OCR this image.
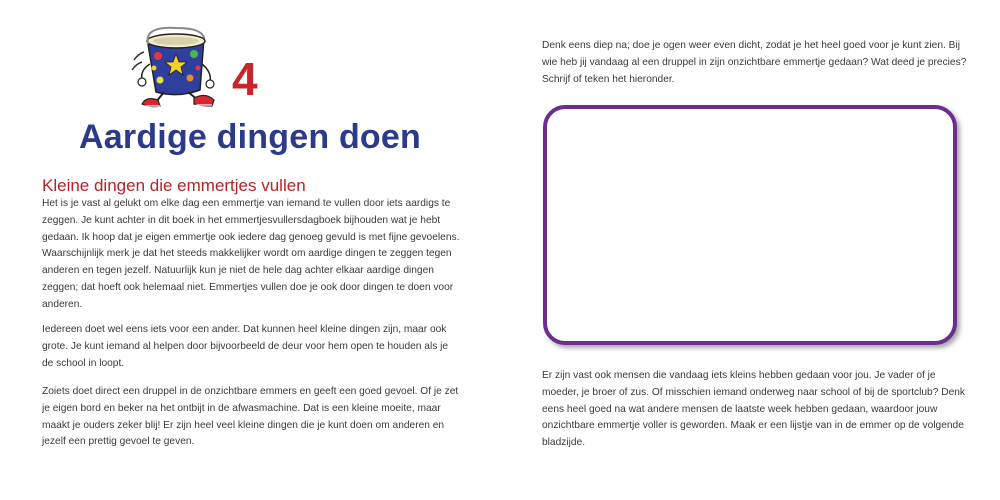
4
Aardige dingen doen
Kleine dingen die emmertjes vullen

Het is je vast al gelukt om elke dag een emmertje van iemand te vullen door iets aardigs te zeggen. Je kunt achter in dit boek in het emmertjesvullersdagboek bijhouden wat je hebt gedaan. Ik hoop dat je eigen emmertje ook iedere dag genoeg gevuld is met fijne gevoelens. Waarschijnlijk merk je dat het steeds makkelijker wordt om aardige dingen te zeggen tegen anderen en tegen jezelf. Natuurlijk kun je niet de hele dag achter elkaar aardige dingen zeggen; dat hoeft ook helemaal niet. Emmertjes vullen doe je ook door dingen te doen voor anderen.

Iedereen doet wel eens iets voor een ander. Dat kunnen heel kleine dingen zijn, maar ook grote. Je kunt iemand al helpen door bijvoorbeeld de deur voor hem open te houden als je de school in loopt.

Zoiets doet direct een druppel in de onzichtbare emmers en geeft een goed gevoel. Of je zet je eigen bord en beker na het ontbijt in de afwasmachine. Dat is een kleine moeite, maar maakt je ouders zeker blij! Er zijn heel veel kleine dingen die je kunt doen om anderen en jezelf een prettig gevoel te geven.

Denk eens diep na; doe je ogen weer even dicht, zodat je het heel goed voor je kunt zien. Bij wie heb jij vandaag al een druppel in zijn onzichtbare emmertje gedaan? Wat deed je precies? Schrijf of teken het hieronder.

Er zijn vast ook mensen die vandaag iets kleins hebben gedaan voor jou. Je vader of je moeder, je broer of zus. Of misschien iemand onderweg naar school of bij de sportclub? Denk eens heel goed na wat andere mensen de laatste week hebben gedaan, waardoor jouw onzichtbare emmertje voller is geworden. Maak er een lijstje van in de emmer op de volgende bladzijde.
